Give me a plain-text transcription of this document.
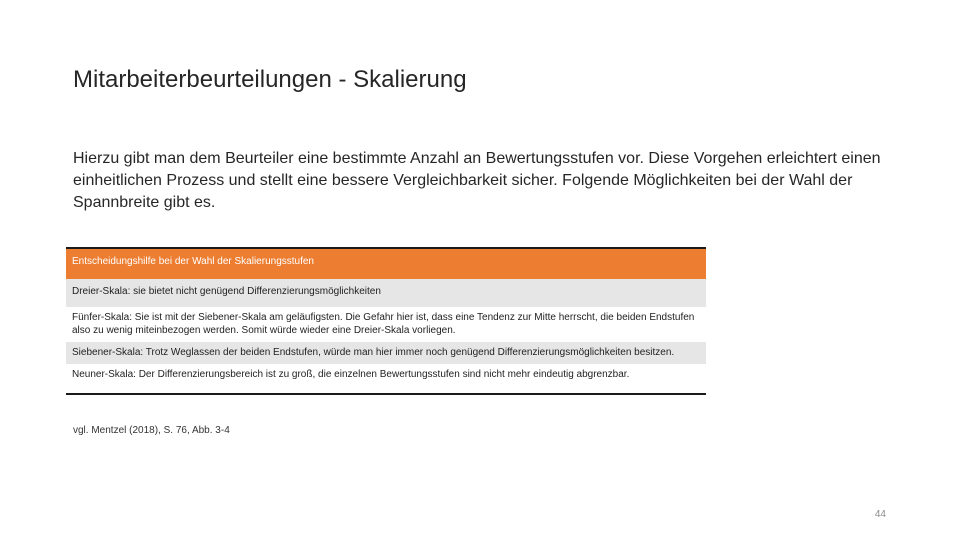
Mitarbeiterbeurteilungen - Skalierung

Hierzu gibt man dem Beurteiler eine bestimmte Anzahl an Bewertungsstufen vor. Diese Vorgehen erleichtert einen einheitlichen Prozess und stellt eine bessere Vergleichbarkeit sicher. Folgende Möglichkeiten bei der Wahl der Spannbreite gibt es.

Entscheidungshilfe bei der Wahl der Skalierungsstufen
Dreier-Skala: sie bietet nicht genügend Differenzierungsmöglichkeiten
Fünfer-Skala: Sie ist mit der Siebener-Skala am geläufigsten. Die Gefahr hier ist, dass eine Tendenz zur Mitte herrscht, die beiden Endstufen also zu wenig miteinbezogen werden. Somit würde wieder eine Dreier-Skala vorliegen.
Siebener-Skala: Trotz Weglassen der beiden Endstufen, würde man hier immer noch genügend Differenzierungsmöglichkeiten besitzen.
Neuner-Skala: Der Differenzierungsbereich ist zu groß, die einzelnen Bewertungsstufen sind nicht mehr eindeutig abgrenzbar.

vgl. Mentzel (2018), S. 76, Abb. 3-4

44
